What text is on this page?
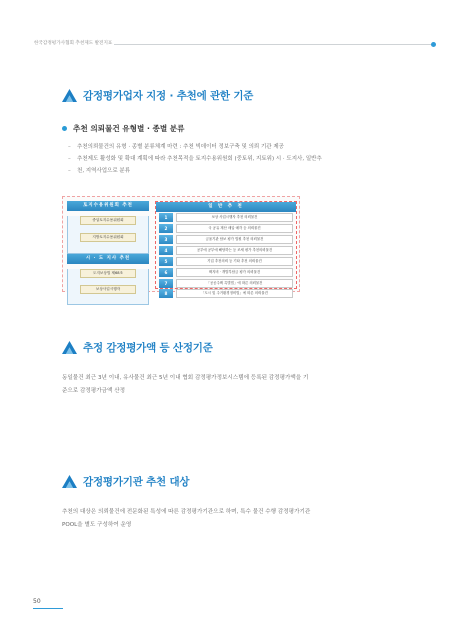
한국감정평가사협회 추천제도 발전지표
감정평가업자 지정 · 추천에 관한 기준
추천 의뢰물건 유형별 · 종별 분류
– 추천의뢰물건의 유형 · 종별 분류체계 마련 : 추천 빅데이터 정보구축 및 의뢰 기관 제공
– 추천제도 활성화 및 확대 계획에 따라 추천목적을 토지수용위원회 (중토위, 지토위) 시 · 도지사, 일반추
– 천, 지역사업으로 분류
토지수용위원회 추천
중앙토지수용위원회
지방토지수용위원회
시 · 도 지사 추천
도지보상법 제68조
보상사업시행자
일 반 추 천
1	보상 사업시행자 추천 의뢰물건
2	국 공유 재산 매입·매각 등 의뢰물건
3	금융기관 담보 평가 법원 추천 의뢰물건
4	공부에 공부에 해당하는 등 조세 평가 추천의뢰물건
5	기업 추천의뢰 등 기타 추천 의뢰물건
6	택지비 · 개발부담금 평가 의뢰물건
7	「공공주택 특별법」에 따른 의뢰물건
8	「도시 및 주거환경정비법」에 따른 의뢰물건
추정 감정평가액 등 산정기준
동일물건 최근 3년 이내, 유사물건 최근 5년 이내 협회 감정평가정보시스템에 등록된 감정평가액을 기
준으로 감정평가금액 산정
감정평가기관 추천 대상
추천의 대상은 의뢰물건에 전문화된 특성에 따른 감정평가기관으로 하며, 특수 물건 수행 감정평가기관
POOL을 별도 구성하여 운영
50
